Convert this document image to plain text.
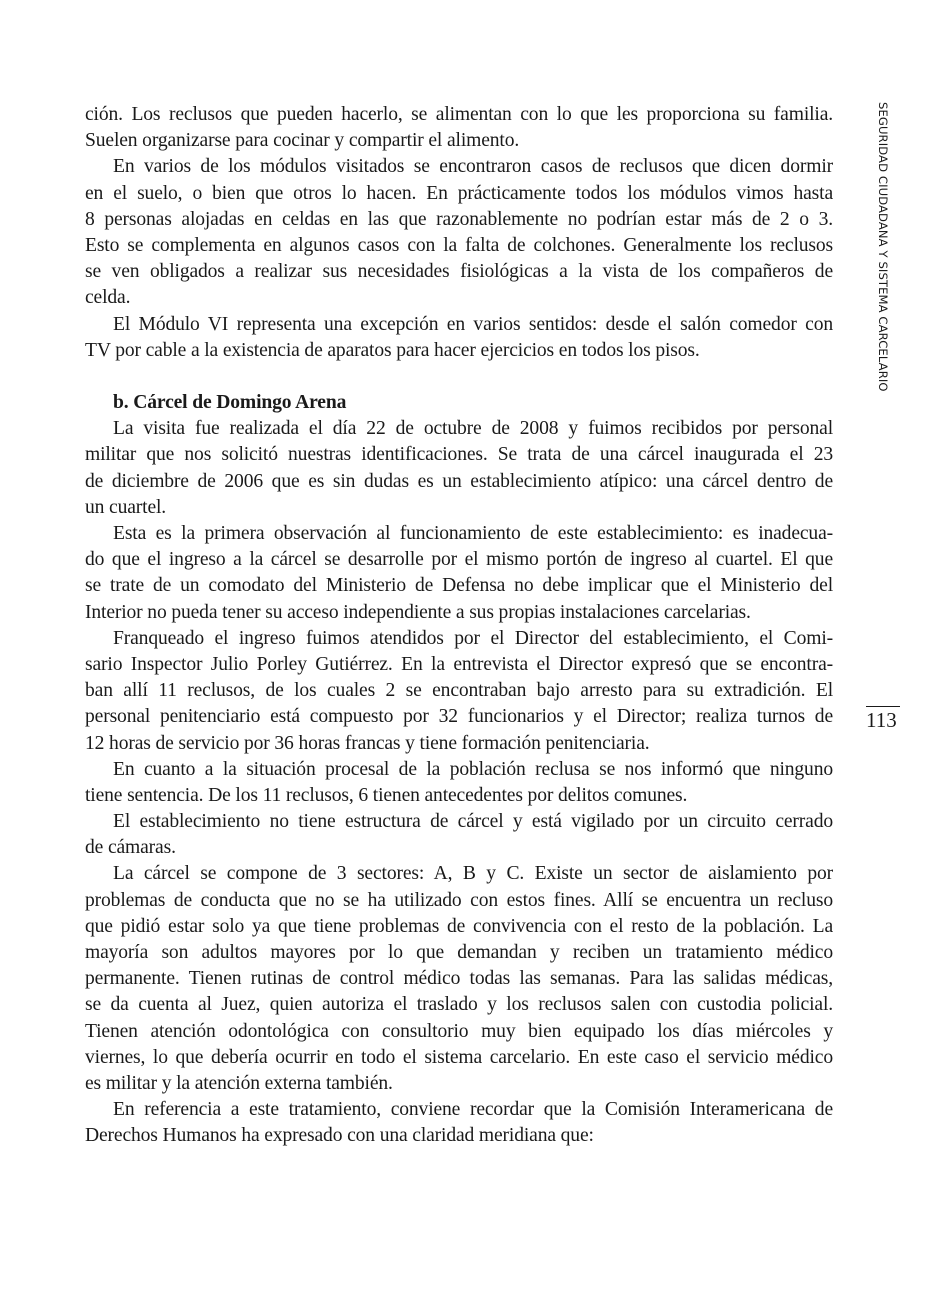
SEGURIDAD CIUDADANA Y SISTEMA CARCELARIO
113
ción. Los reclusos que pueden hacerlo, se alimentan con lo que les proporciona su familia.
Suelen organizarse para cocinar y compartir el alimento.
En varios de los módulos visitados se encontraron casos de reclusos que dicen dormir
en el suelo, o bien que otros lo hacen. En prácticamente todos los módulos vimos hasta
8 personas alojadas en celdas en las que razonablemente no podrían estar más de 2 o 3.
Esto se complementa en algunos casos con la falta de colchones. Generalmente los reclusos
se ven obligados a realizar sus necesidades fisiológicas a la vista de los compañeros de
celda.
El Módulo VI representa una excepción en varios sentidos: desde el salón comedor con
TV por cable a la existencia de aparatos para hacer ejercicios en todos los pisos.
b. Cárcel de Domingo Arena
La visita fue realizada el día 22 de octubre de 2008 y fuimos recibidos por personal
militar que nos solicitó nuestras identificaciones. Se trata de una cárcel inaugurada el 23
de diciembre de 2006 que es sin dudas es un establecimiento atípico: una cárcel dentro de
un cuartel.
Esta es la primera observación al funcionamiento de este establecimiento: es inadecua-
do que el ingreso a la cárcel se desarrolle por el mismo portón de ingreso al cuartel. El que
se trate de un comodato del Ministerio de Defensa no debe implicar que el Ministerio del
Interior no pueda tener su acceso independiente a sus propias instalaciones carcelarias.
Franqueado el ingreso fuimos atendidos por el Director del establecimiento, el Comi-
sario Inspector Julio Porley Gutiérrez. En la entrevista el Director expresó que se encontra-
ban allí 11 reclusos, de los cuales 2 se encontraban bajo arresto para su extradición. El
personal penitenciario está compuesto por 32 funcionarios y el Director; realiza turnos de
12 horas de servicio por 36 horas francas y tiene formación penitenciaria.
En cuanto a la situación procesal de la población reclusa se nos informó que ninguno
tiene sentencia. De los 11 reclusos, 6 tienen antecedentes por delitos comunes.
El establecimiento no tiene estructura de cárcel y está vigilado por un circuito cerrado
de cámaras.
La cárcel se compone de 3 sectores: A, B y C. Existe un sector de aislamiento por
problemas de conducta que no se ha utilizado con estos fines. Allí se encuentra un recluso
que pidió estar solo ya que tiene problemas de convivencia con el resto de la población. La
mayoría son adultos mayores por lo que demandan y reciben un tratamiento médico
permanente. Tienen rutinas de control médico todas las semanas. Para las salidas médicas,
se da cuenta al Juez, quien autoriza el traslado y los reclusos salen con custodia policial.
Tienen atención odontológica con consultorio muy bien equipado los días miércoles y
viernes, lo que debería ocurrir en todo el sistema carcelario. En este caso el servicio médico
es militar y la atención externa también.
En referencia a este tratamiento, conviene recordar que la Comisión Interamericana de
Derechos Humanos ha expresado con una claridad meridiana que:
